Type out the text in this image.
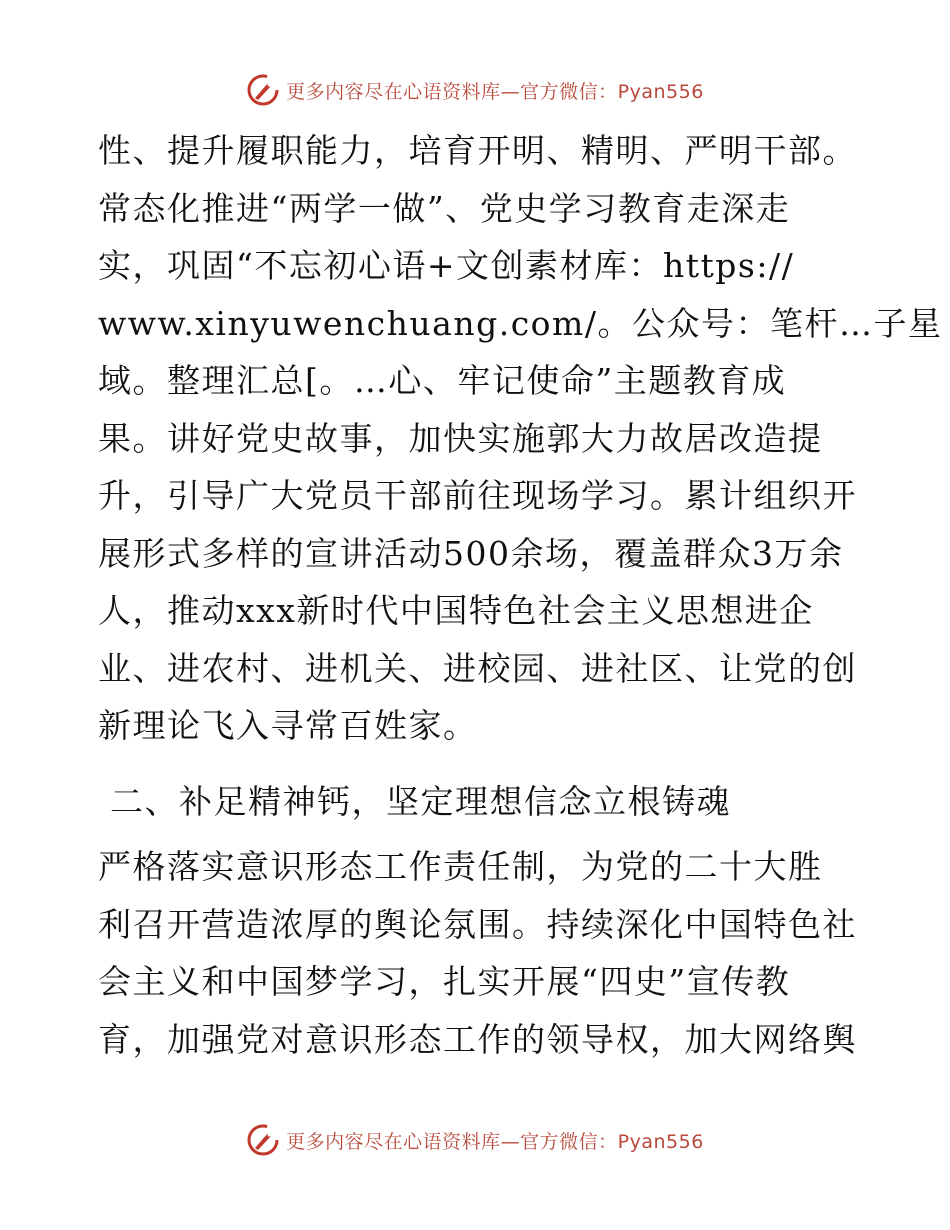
更多内容尽在心语资料库—官方微信：Pyan556

性、提升履职能力，培育开明、精明、严明干部。

常态化推进“两学一做”、党史学习教育走深走

实，巩固“不忘初心语+文创素材库：https://

www.xinyuwenchuang.com/。公众号：笔杆…子星

域。整理汇总[。…心、牢记使命”主题教育成

果。讲好党史故事，加快实施郭大力故居改造提

升，引导广大党员干部前往现场学习。累计组织开

展形式多样的宣讲活动500余场，覆盖群众3万余

人，推动xxx新时代中国特色社会主义思想进企

业、进农村、进机关、进校园、进社区、让党的创

新理论飞入寻常百姓家。

二、补足精神钙，坚定理想信念立根铸魂

严格落实意识形态工作责任制，为党的二十大胜

利召开营造浓厚的舆论氛围。持续深化中国特色社

会主义和中国梦学习，扎实开展“四史”宣传教

育，加强党对意识形态工作的领导权，加大网络舆

更多内容尽在心语资料库—官方微信：Pyan556
